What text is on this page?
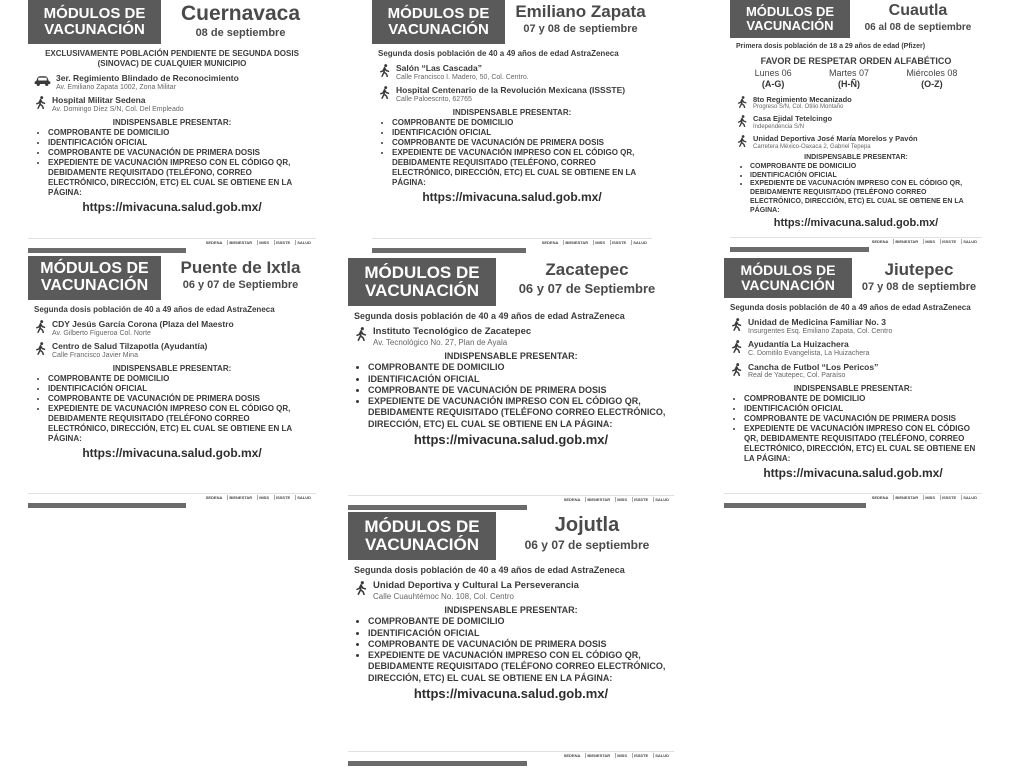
MÓDULOS DE
VACUNACIÓN
Cuernavaca
08 de septiembre
EXCLUSIVAMENTE POBLACIÓN PENDIENTE DE SEGUNDA DOSIS (SINOVAC) DE CUALQUIER MUNICIPIO
3er. Regimiento Blindado de Reconocimiento
Av. Emiliano Zapata 1002, Zona Militar
Hospital Militar Sedena
Av. Domingo Díez S/N, Col. Del Empleado
INDISPENSABLE PRESENTAR:
• COMPROBANTE DE DOMICILIO
• IDENTIFICACIÓN OFICIAL
• COMPROBANTE DE VACUNACIÓN DE PRIMERA DOSIS
• EXPEDIENTE DE VACUNACIÓN IMPRESO CON EL CÓDIGO QR, DEBIDAMENTE REQUISITADO (TELÉFONO, CORREO ELECTRÓNICO, DIRECCIÓN, ETC) EL CUAL SE OBTIENE EN LA PÁGINA:
https://mivacuna.salud.gob.mx/
SEDENA	BIENESTAR	IMSS	ISSSTE	SALUD
MÓDULOS DE
VACUNACIÓN
Emiliano Zapata
07 y 08 de septiembre
Segunda dosis población de 40 a 49 años de edad AstraZeneca
Salón “Las Cascada”
Calle Francisco I. Madero, 50, Col. Centro.
Hospital Centenario de la Revolución Mexicana (ISSSTE)
Calle Paloescrito, 62765
INDISPENSABLE PRESENTAR:
• COMPROBANTE DE DOMICILIO
• IDENTIFICACIÓN OFICIAL
• COMPROBANTE DE VACUNACIÓN DE PRIMERA DOSIS
• EXPEDIENTE DE VACUNACIÓN IMPRESO CON EL CÓDIGO QR, DEBIDAMENTE REQUISITADO (TELÉFONO, CORREO ELECTRÓNICO, DIRECCIÓN, ETC) EL CUAL SE OBTIENE EN LA PÁGINA:
https://mivacuna.salud.gob.mx/
SEDENA	BIENESTAR	IMSS	ISSSTE	SALUD
MÓDULOS DE
VACUNACIÓN
Cuautla
06 al 08 de septiembre
Primera dosis población de 18 a 29 años de edad (Pfizer)
FAVOR DE RESPETAR ORDEN ALFABÉTICO
Lunes 06
(A-G)
Martes 07
(H-Ñ)
Miércoles 08
(O-Z)
8to Regimiento Mecanizado
Progreso S/N, Col. Otilio Montaño
Casa Ejidal Tetelcingo
Independencia S/N
Unidad Deportiva José María Morelos y Pavón
Carretera México-Oaxaca 2, Gabriel Tepepa
INDISPENSABLE PRESENTAR:
• COMPROBANTE DE DOMICILIO
• IDENTIFICACIÓN OFICIAL
• EXPEDIENTE DE VACUNACIÓN IMPRESO CON EL CÓDIGO QR, DEBIDAMENTE REQUISITADO (TELÉFONO CORREO ELECTRÓNICO, DIRECCIÓN, ETC) EL CUAL SE OBTIENE EN LA PÁGINA:
https://mivacuna.salud.gob.mx/
SEDENA	BIENESTAR	IMSS	ISSSTE	SALUD
MÓDULOS DE
VACUNACIÓN
Puente de Ixtla
06 y 07 de Septiembre
Segunda dosis población de 40 a 49 años de edad AstraZeneca
CDY Jesús García Corona (Plaza del Maestro
Av. Gilberto Figueroa Col. Norte
Centro de Salud Tilzapotla (Ayudantía)
Calle Francisco Javier Mina
INDISPENSABLE PRESENTAR:
• COMPROBANTE DE DOMICILIO
• IDENTIFICACIÓN OFICIAL
• COMPROBANTE DE VACUNACIÓN DE PRIMERA DOSIS
• EXPEDIENTE DE VACUNACIÓN IMPRESO CON EL CÓDIGO QR, DEBIDAMENTE REQUISITADO (TELÉFONO CORREO ELECTRÓNICO, DIRECCIÓN, ETC) EL CUAL SE OBTIENE EN LA PÁGINA:
https://mivacuna.salud.gob.mx/
SEDENA	BIENESTAR	IMSS	ISSSTE	SALUD
MÓDULOS DE
VACUNACIÓN
Zacatepec
06 y 07 de Septiembre
Segunda dosis población de 40 a 49 años de edad AstraZeneca
Instituto Tecnológico de Zacatepec
Av. Tecnológico No. 27, Plan de Ayala
INDISPENSABLE PRESENTAR:
• COMPROBANTE DE DOMICILIO
• IDENTIFICACIÓN OFICIAL
• COMPROBANTE DE VACUNACIÓN DE PRIMERA DOSIS
• EXPEDIENTE DE VACUNACIÓN IMPRESO CON EL CÓDIGO QR, DEBIDAMENTE REQUISITADO (TELÉFONO CORREO ELECTRÓNICO, DIRECCIÓN, ETC) EL CUAL SE OBTIENE EN LA PÁGINA:
https://mivacuna.salud.gob.mx/
SEDENA	BIENESTAR	IMSS	ISSSTE	SALUD
MÓDULOS DE
VACUNACIÓN
Jiutepec
07 y 08 de septiembre
Segunda dosis población de 40 a 49 años de edad AstraZeneca
Unidad de Medicina Familiar No. 3
Insurgentes Esq. Emiliano Zapata, Col. Centro
Ayudantía La Huizachera
C. Domitilo Evangelista, La Huizachera
Cancha de Futbol “Los Pericos”
Real de Yautepec, Col. Paraíso
INDISPENSABLE PRESENTAR:
• COMPROBANTE DE DOMICILIO
• IDENTIFICACIÓN OFICIAL
• COMPROBANTE DE VACUNACIÓN DE PRIMERA DOSIS
• EXPEDIENTE DE VACUNACIÓN IMPRESO CON EL CÓDIGO QR, DEBIDAMENTE REQUISITADO (TELÉFONO, CORREO ELECTRÓNICO, DIRECCIÓN, ETC) EL CUAL SE OBTIENE EN LA PÁGINA:
https://mivacuna.salud.gob.mx/
SEDENA	BIENESTAR	IMSS	ISSSTE	SALUD
MÓDULOS DE
VACUNACIÓN
Jojutla
06 y 07 de septiembre
Segunda dosis población de 40 a 49 años de edad AstraZeneca
Unidad Deportiva y Cultural La Perseverancia
Calle Cuauhtémoc No. 108, Col. Centro
INDISPENSABLE PRESENTAR:
• COMPROBANTE DE DOMICILIO
• IDENTIFICACIÓN OFICIAL
• COMPROBANTE DE VACUNACIÓN DE PRIMERA DOSIS
• EXPEDIENTE DE VACUNACIÓN IMPRESO CON EL CÓDIGO QR, DEBIDAMENTE REQUISITADO (TELÉFONO CORREO ELECTRÓNICO, DIRECCIÓN, ETC) EL CUAL SE OBTIENE EN LA PÁGINA:
https://mivacuna.salud.gob.mx/
SEDENA	BIENESTAR	IMSS	ISSSTE	SALUD
